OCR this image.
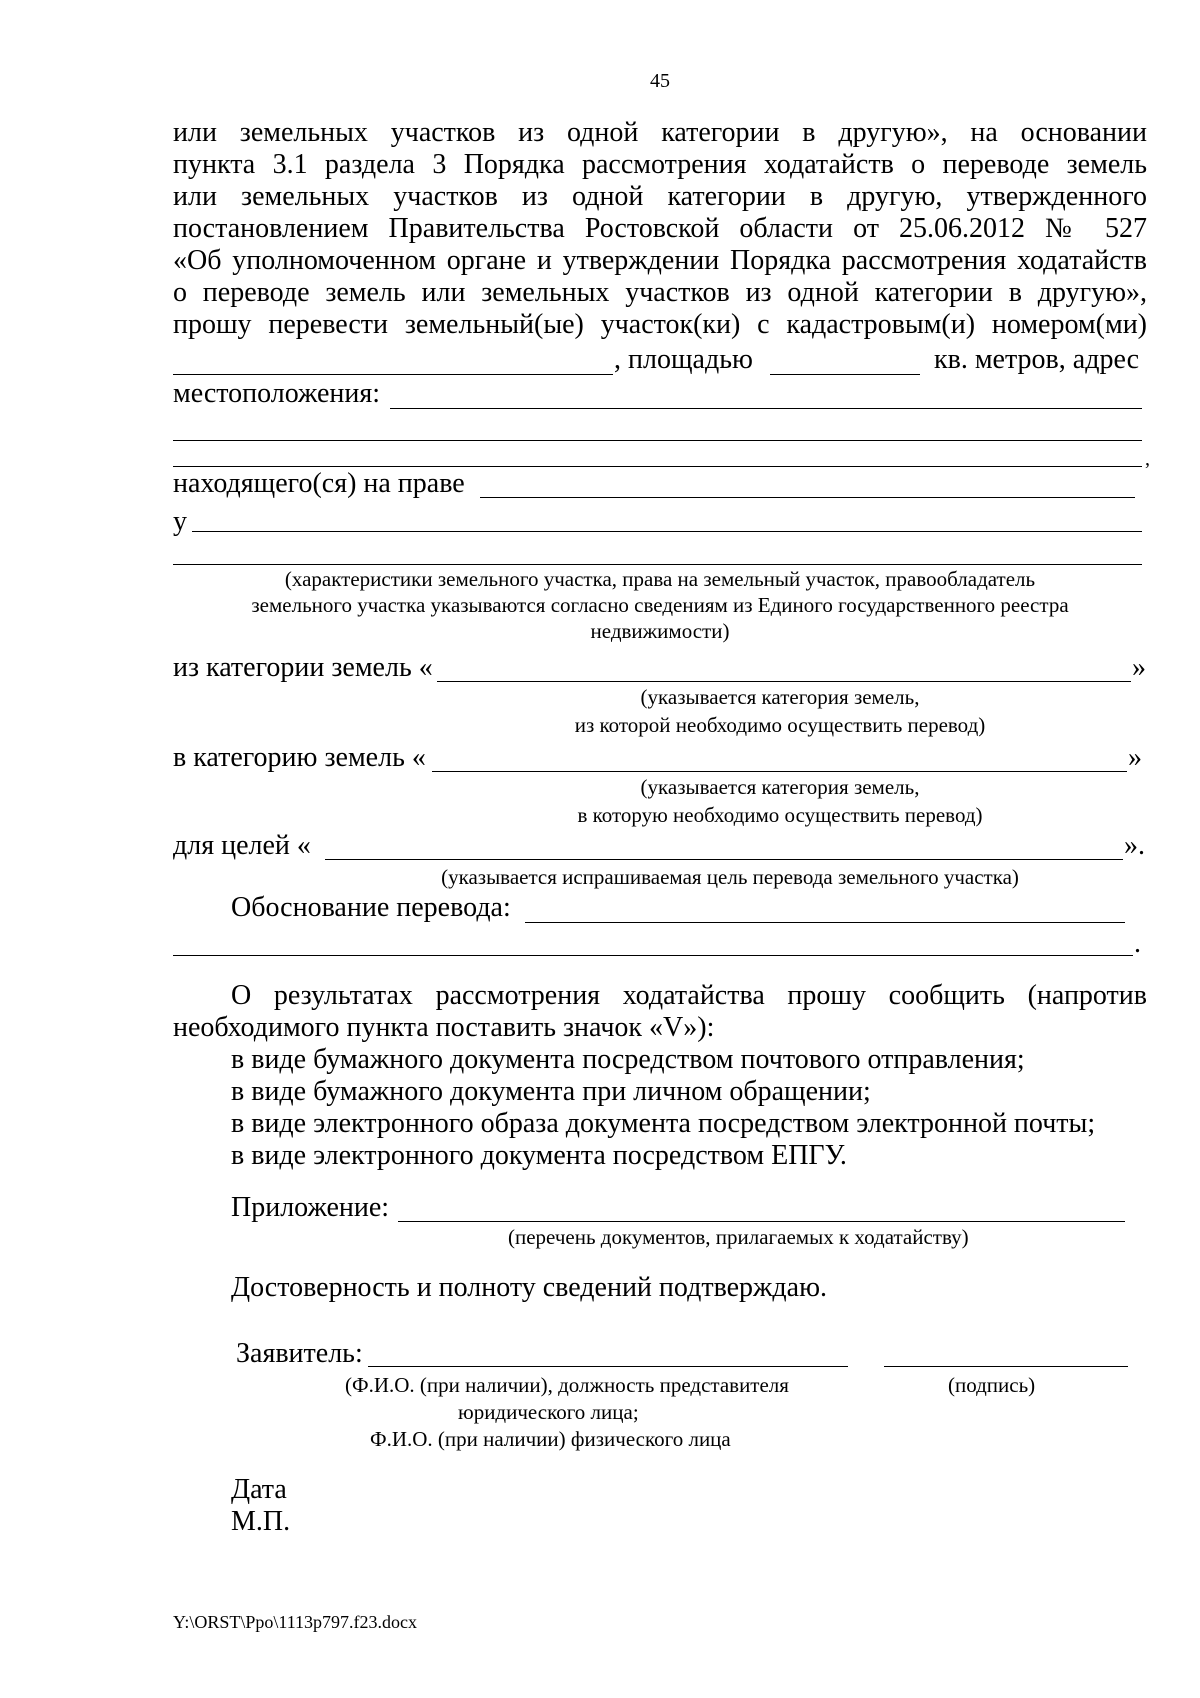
45
или земельных участков из одной категории в другую», на основании
пункта 3.1 раздела 3 Порядка рассмотрения ходатайств о переводе земель
или земельных участков из одной категории в другую, утвержденного
постановлением Правительства Ростовской области от 25.06.2012 № 527
«Об уполномоченном органе и утверждении Порядка рассмотрения ходатайств
о переводе земель или земельных участков из одной категории в другую»,
прошу перевести земельный(ые) участок(ки) с кадастровым(и) номером(ми)
, площадью	кв. метров, адрес
местоположения:
,
находящего(ся) на праве
у
(характеристики земельного участка, права на земельный участок, правообладатель
земельного участка указываются согласно сведениям из Единого государственного реестра
недвижимости)
из категории земель «	»
(указывается категория земель,
из которой необходимо осуществить перевод)
в категорию земель «	»
(указывается категория земель,
в которую необходимо осуществить перевод)
для целей «	».
(указывается испрашиваемая цель перевода земельного участка)
Обоснование перевода:
.
О результатах рассмотрения ходатайства прошу сообщить (напротив
необходимого пункта поставить значок «V»):
в виде бумажного документа посредством почтового отправления;
в виде бумажного документа при личном обращении;
в виде электронного образа документа посредством электронной почты;
в виде электронного документа посредством ЕПГУ.
Приложение:
(перечень документов, прилагаемых к ходатайству)
Достоверность и полноту сведений подтверждаю.
Заявитель:
(Ф.И.О. (при наличии), должность представителя
юридического лица;
Ф.И.О. (при наличии) физического лица
(подпись)
Дата
М.П.
Y:\ORST\Ppo\1113p797.f23.docx
